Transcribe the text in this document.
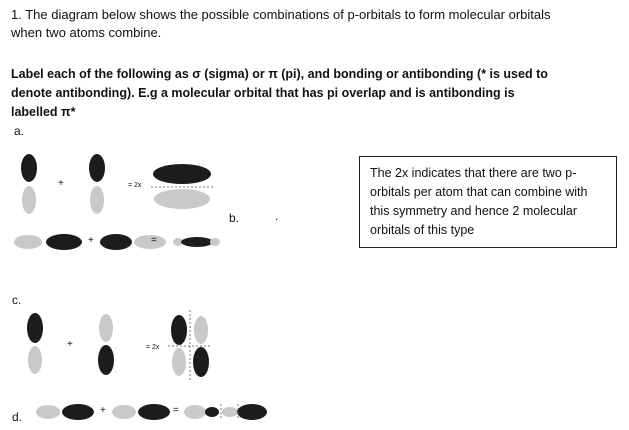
1. The diagram below shows the possible combinations of p-orbitals to form molecular orbitals
when two atoms combine.
Label each of the following as σ (sigma) or π (pi), and bonding or antibonding (* is used to
denote antibonding). E.g a molecular orbital that has pi overlap and is antibonding is
labelled π*
a.
b.	.
c.
d.
+	= 2x
+	=
+	= 2x
+	=
The 2x indicates that there are two p-orbitals per atom that can combine with this symmetry and hence 2 molecular orbitals of this type
